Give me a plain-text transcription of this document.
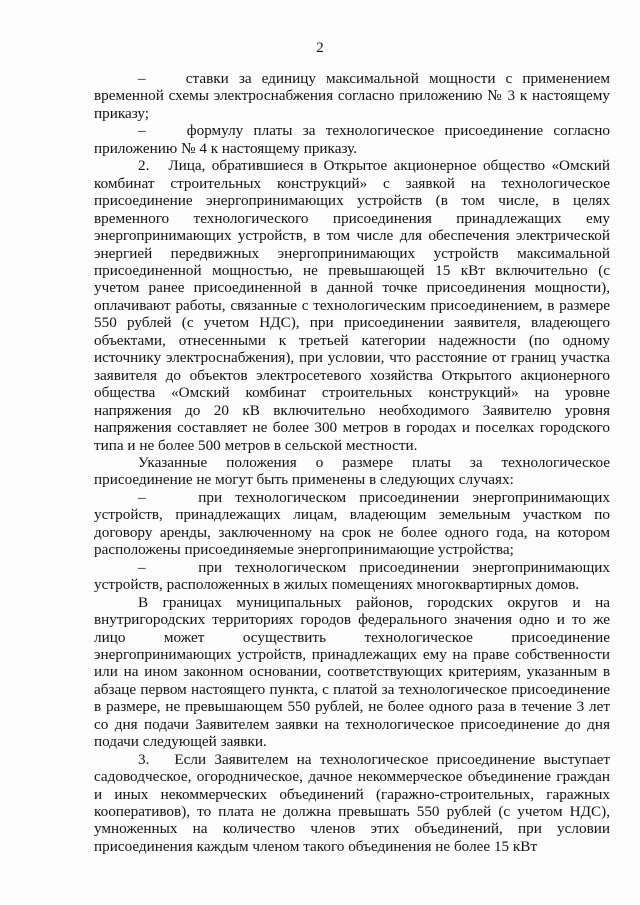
2

–    ставки за единицу максимальной мощности с применением временной схемы электроснабжения согласно приложению № 3 к настоящему приказу;

–    формулу платы за технологическое присоединение согласно приложению № 4 к настоящему приказу.

2.   Лица, обратившиеся в Открытое акционерное общество «Омский комбинат строительных конструкций» с заявкой на технологическое присоединение энергопринимающих устройств (в том числе, в целях временного технологического присоединения принадлежащих ему энергопринимающих устройств, в том числе для обеспечения электрической энергией передвижных энергопринимающих устройств максимальной присоединенной мощностью, не превышающей 15 кВт включительно (с учетом ранее присоединенной в данной точке присоединения мощности), оплачивают работы, связанные с технологическим присоединением, в размере 550 рублей (с учетом НДС), при присоединении заявителя, владеющего объектами, отнесенными к третьей категории надежности (по одному источнику электроснабжения), при условии, что расстояние от границ участка заявителя до объектов электросетевого хозяйства Открытого акционерного общества «Омский комбинат строительных конструкций» на уровне напряжения до 20 кВ включительно необходимого Заявителю уровня напряжения составляет не более 300 метров в городах и поселках городского типа и не более 500 метров в сельской местности.

Указанные положения о размере платы за технологическое присоединение не могут быть применены в следующих случаях:

–    при технологическом присоединении энергопринимающих устройств, принадлежащих лицам, владеющим земельным участком по договору аренды, заключенному на срок не более одного года, на котором расположены присоединяемые энергопринимающие устройства;

–    при технологическом присоединении энергопринимающих устройств, расположенных в жилых помещениях многоквартирных домов.

В границах муниципальных районов, городских округов и на внутригородских территориях городов федерального значения одно и то же лицо может осуществить технологическое присоединение энергопринимающих устройств, принадлежащих ему на праве собственности или на ином законном основании, соответствующих критериям, указанным в абзаце первом настоящего пункта, с платой за технологическое присоединение в размере, не превышающем 550 рублей, не более одного раза в течение 3 лет со дня подачи Заявителем заявки на технологическое присоединение до дня подачи следующей заявки.

3.   Если Заявителем на технологическое присоединение выступает садоводческое, огородническое, дачное некоммерческое объединение граждан и иных некоммерческих объединений (гаражно-строительных, гаражных кооперативов), то плата не должна превышать 550 рублей (с учетом НДС), умноженных на количество членов этих объединений, при условии присоединения каждым членом такого объединения не более 15 кВт
